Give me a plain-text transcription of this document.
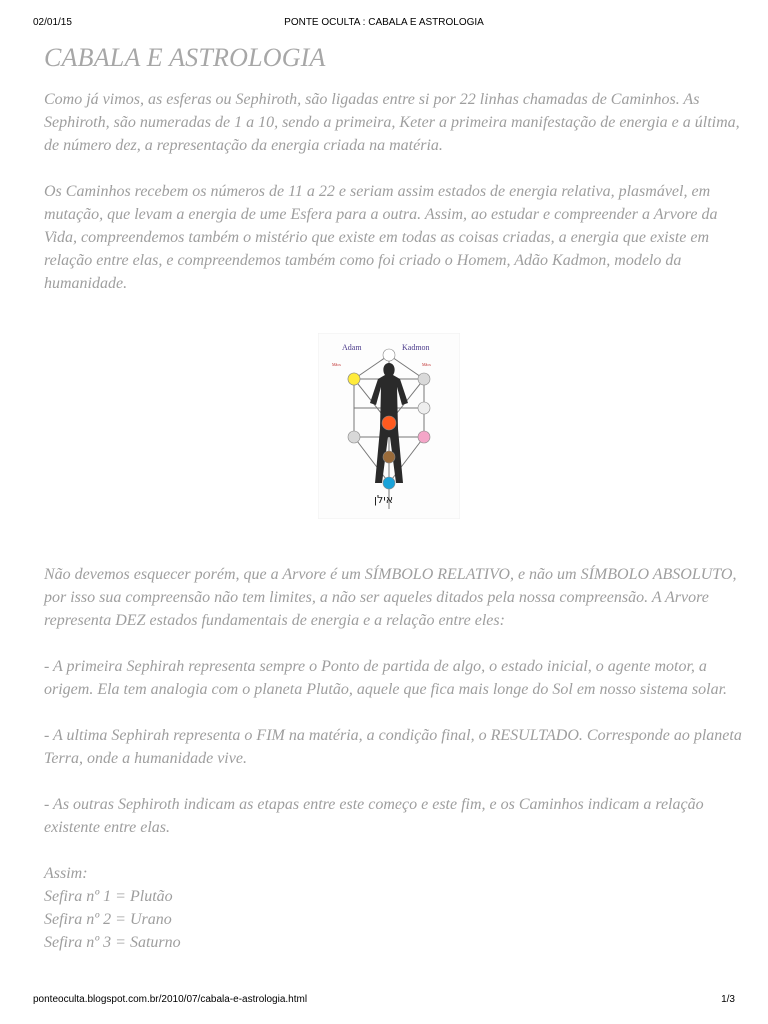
02/01/15	PONTE OCULTA : CABALA E ASTROLOGIA
CABALA E ASTROLOGIA

Como já vimos, as esferas ou Sephiroth, são ligadas entre si por 22 linhas chamadas de Caminhos. As Sephiroth, são numeradas de 1 a 10, sendo a primeira, Keter a primeira manifestação de energia e a última, de número dez, a representação da energia criada na matéria.

Os Caminhos recebem os números de 11 a 22 e seriam assim estados de energia relativa, plasmável, em mutação, que levam a energia de ume Esfera para a outra. Assim, ao estudar e compreender a Arvore da Vida, compreendemos também o mistério que existe em todas as coisas criadas, a energia que existe em relação entre elas, e compreendemos também como foi criado o Homem, Adão Kadmon, modelo da humanidade.

Adam	Kadmon
Mãos	Mãos
אילן

Não devemos esquecer porém, que a Arvore é um SÍMBOLO RELATIVO, e não um SÍMBOLO ABSOLUTO, por isso sua compreensão não tem limites, a não ser aqueles ditados pela nossa compreensão. A Arvore representa DEZ estados fundamentais de energia e a relação entre eles:

- A primeira Sephirah representa sempre o Ponto de partida de algo, o estado inicial, o agente motor, a origem. Ela tem analogia com o planeta Plutão, aquele que fica mais longe do Sol em nosso sistema solar.

- A ultima Sephirah representa o FIM na matéria, a condição final, o RESULTADO. Corresponde ao planeta Terra, onde a humanidade vive.

- As outras Sephiroth indicam as etapas entre este começo e este fim, e os Caminhos indicam a relação existente entre elas.

Assim:

Sefira nº 1 = Plutão

Sefira nº 2 = Urano

Sefira nº 3 = Saturno

ponteoculta.blogspot.com.br/2010/07/cabala-e-astrologia.html	1/3
